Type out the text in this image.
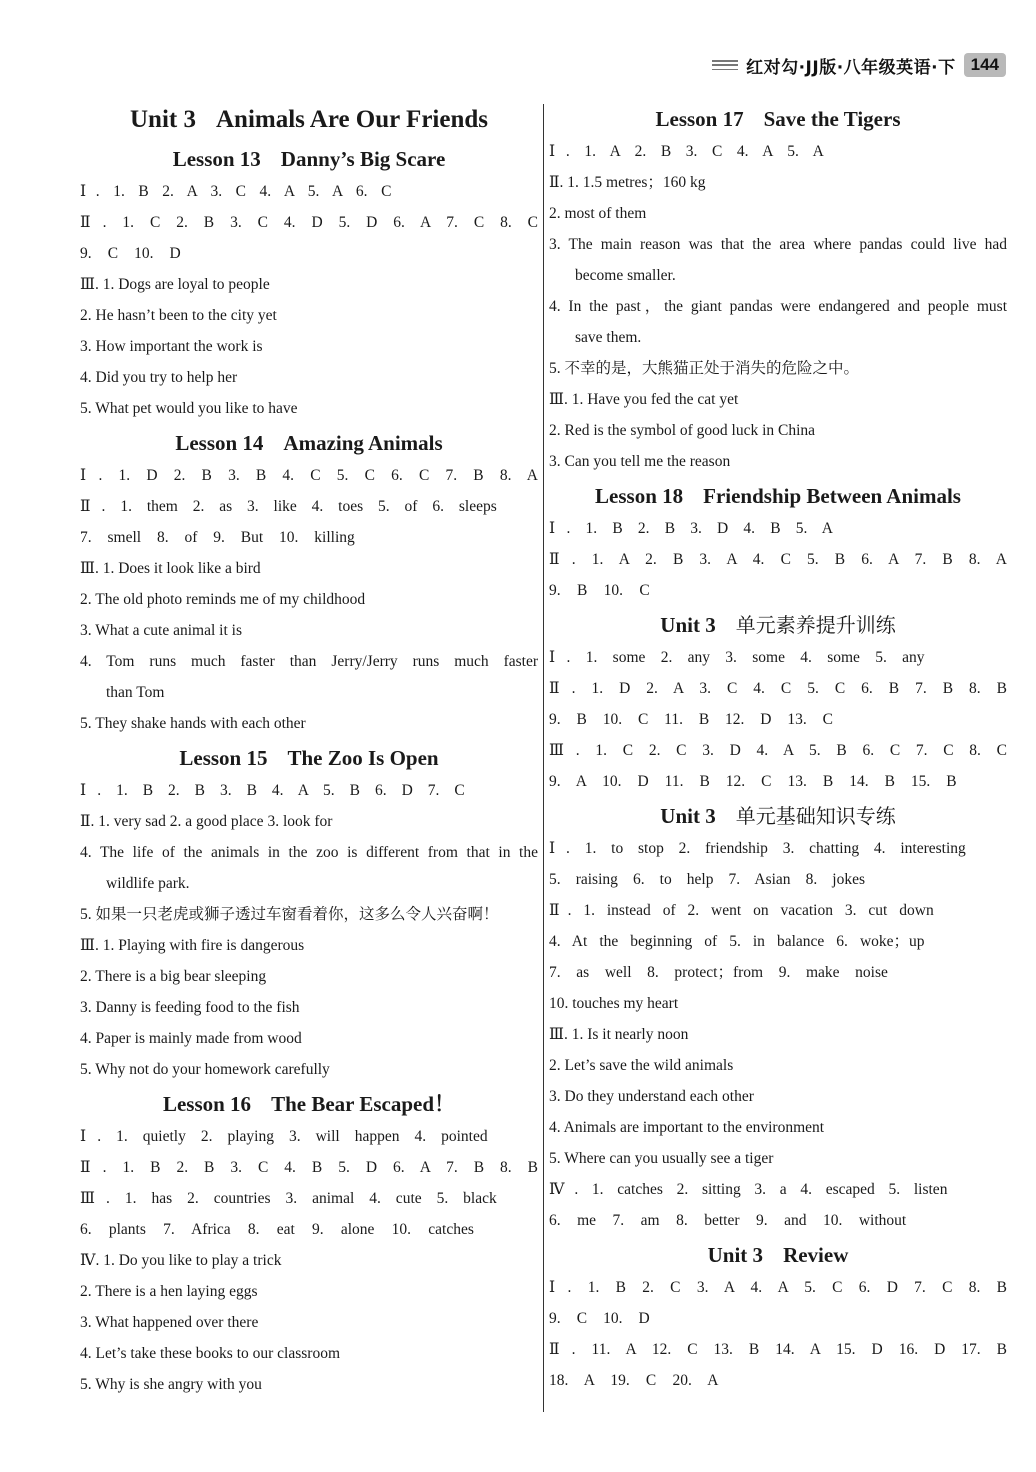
红对勾·JJ版·八年级英语·下 144
Unit 3 Animals Are Our Friends
Lesson 13 Danny’s Big Scare
Ⅰ. 1. B 2. A 3. C 4. A 5. A 6. C
Ⅱ. 1. C 2. B 3. C 4. D 5. D 6. A 7. C 8. C
9. C 10. D
Ⅲ. 1. Dogs are loyal to people
2. He hasn’t been to the city yet
3. How important the work is
4. Did you try to help her
5. What pet would you like to have
Lesson 14 Amazing Animals
Ⅰ. 1. D 2. B 3. B 4. C 5. C 6. C 7. B 8. A
Ⅱ. 1. them 2. as 3. like 4. toes 5. of 6. sleeps
7. smell 8. of 9. But 10. killing
Ⅲ. 1. Does it look like a bird
2. The old photo reminds me of my childhood
3. What a cute animal it is
4. Tom runs much faster than Jerry/Jerry runs much faster
than Tom
5. They shake hands with each other
Lesson 15 The Zoo Is Open
Ⅰ. 1. B 2. B 3. B 4. A 5. B 6. D 7. C
Ⅱ. 1. very sad 2. a good place 3. look for
4. The life of the animals in the zoo is different from that in the
wildlife park.
5. 如果一只老虎或狮子透过车窗看着你，这多么令人兴奋啊！
Ⅲ. 1. Playing with fire is dangerous
2. There is a big bear sleeping
3. Danny is feeding food to the fish
4. Paper is mainly made from wood
5. Why not do your homework carefully
Lesson 16 The Bear Escaped！
Ⅰ. 1. quietly 2. playing 3. will happen 4. pointed
Ⅱ. 1. B 2. B 3. C 4. B 5. D 6. A 7. B 8. B
Ⅲ. 1. has 2. countries 3. animal 4. cute 5. black
6. plants 7. Africa 8. eat 9. alone 10. catches
Ⅳ. 1. Do you like to play a trick
2. There is a hen laying eggs
3. What happened over there
4. Let’s take these books to our classroom
5. Why is she angry with you
Lesson 17 Save the Tigers
Ⅰ. 1. A 2. B 3. C 4. A 5. A
Ⅱ. 1. 1.5 metres；160 kg
2. most of them
3. The main reason was that the area where pandas could live had
become smaller.
4. In the past，the giant pandas were endangered and people must
save them.
5. 不幸的是，大熊猫正处于消失的危险之中。
Ⅲ. 1. Have you fed the cat yet
2. Red is the symbol of good luck in China
3. Can you tell me the reason
Lesson 18 Friendship Between Animals
Ⅰ. 1. B 2. B 3. D 4. B 5. A
Ⅱ. 1. A 2. B 3. A 4. C 5. B 6. A 7. B 8. A
9. B 10. C
Unit 3 单元素养提升训练
Ⅰ. 1. some 2. any 3. some 4. some 5. any
Ⅱ. 1. D 2. A 3. C 4. C 5. C 6. B 7. B 8. B
9. B 10. C 11. B 12. D 13. C
Ⅲ. 1. C 2. C 3. D 4. A 5. B 6. C 7. C 8. C
9. A 10. D 11. B 12. C 13. B 14. B 15. B
Unit 3 单元基础知识专练
Ⅰ. 1. to stop 2. friendship 3. chatting 4. interesting
5. raising 6. to help 7. Asian 8. jokes
Ⅱ. 1. instead of 2. went on vacation 3. cut down
4. At the beginning of 5. in balance 6. woke；up
7. as well 8. protect；from 9. make noise
10. touches my heart
Ⅲ. 1. Is it nearly noon
2. Let’s save the wild animals
3. Do they understand each other
4. Animals are important to the environment
5. Where can you usually see a tiger
Ⅳ. 1. catches 2. sitting 3. a 4. escaped 5. listen
6. me 7. am 8. better 9. and 10. without
Unit 3 Review
Ⅰ. 1. B 2. C 3. A 4. A 5. C 6. D 7. C 8. B
9. C 10. D
Ⅱ. 11. A 12. C 13. B 14. A 15. D 16. D 17. B
18. A 19. C 20. A
